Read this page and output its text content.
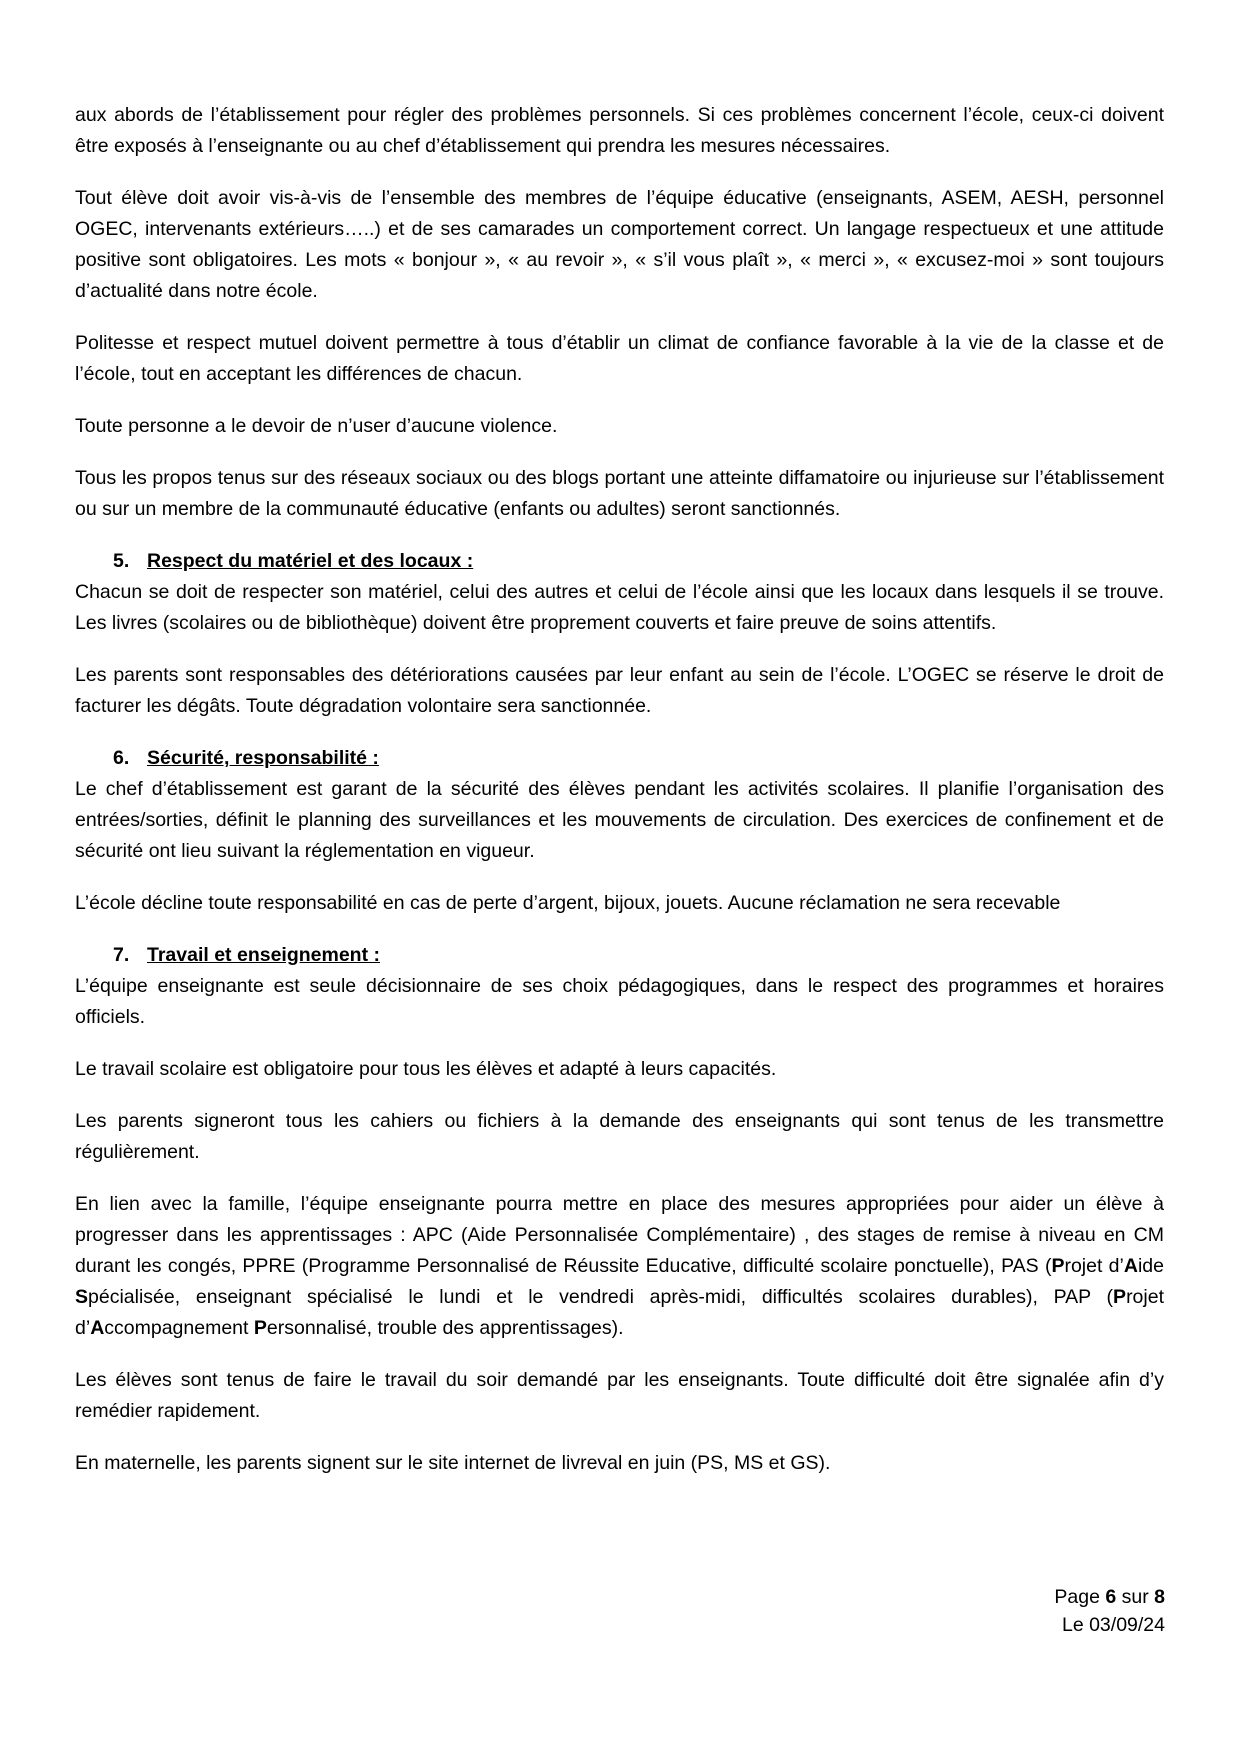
aux abords de l’établissement pour régler des problèmes personnels. Si ces problèmes concernent l’école, ceux-ci doivent être exposés à l’enseignante ou au chef d’établissement qui prendra les mesures nécessaires.

Tout élève doit avoir vis-à-vis de l’ensemble des membres de l’équipe éducative (enseignants, ASEM, AESH, personnel OGEC, intervenants extérieurs…..) et de ses camarades un comportement correct. Un langage respectueux et une attitude positive sont obligatoires. Les mots « bonjour », « au revoir », « s’il vous plaît », « merci », « excusez-moi » sont toujours d’actualité dans notre école.

Politesse et respect mutuel doivent permettre à tous d’établir un climat de confiance favorable à la vie de la classe et de l’école, tout en acceptant les différences de chacun.

Toute personne a le devoir de n’user d’aucune violence.

Tous les propos tenus sur des réseaux sociaux ou des blogs portant une atteinte diffamatoire ou injurieuse sur l’établissement ou sur un membre de la communauté éducative (enfants ou adultes) seront sanctionnés.

5. Respect du matériel et des locaux :

Chacun se doit de respecter son matériel, celui des autres et celui de l’école ainsi que les locaux dans lesquels il se trouve. Les livres (scolaires ou de bibliothèque) doivent être proprement couverts et faire preuve de soins attentifs.

Les parents sont responsables des détériorations causées par leur enfant au sein de l’école. L’OGEC se réserve le droit de facturer les dégâts. Toute dégradation volontaire sera sanctionnée.

6. Sécurité, responsabilité :

Le chef d’établissement est garant de la sécurité des élèves pendant les activités scolaires. Il planifie l’organisation des entrées/sorties, définit le planning des surveillances et les mouvements de circulation. Des exercices de confinement et de sécurité ont lieu suivant la réglementation en vigueur.

L’école décline toute responsabilité en cas de perte d’argent, bijoux, jouets. Aucune réclamation ne sera recevable

7. Travail et enseignement :

L’équipe enseignante est seule décisionnaire de ses choix pédagogiques, dans le respect des programmes et horaires officiels.

Le travail scolaire est obligatoire pour tous les élèves et adapté à leurs capacités.

Les parents signeront tous les cahiers ou fichiers à la demande des enseignants qui sont tenus de les transmettre régulièrement.

En lien avec la famille, l’équipe enseignante pourra mettre en place des mesures appropriées pour aider un élève à progresser dans les apprentissages : APC (Aide Personnalisée Complémentaire) , des stages de remise à niveau en CM durant les congés, PPRE (Programme Personnalisé de Réussite Educative, difficulté scolaire ponctuelle), PAS (Projet d’Aide Spécialisée, enseignant spécialisé le lundi et le vendredi après-midi, difficultés scolaires durables), PAP (Projet d’Accompagnement Personnalisé, trouble des apprentissages).

Les élèves sont tenus de faire le travail du soir demandé par les enseignants. Toute difficulté doit être signalée afin d’y remédier rapidement.

En maternelle, les parents signent sur le site internet de livreval en juin (PS, MS et GS).

Page 6 sur 8
Le 03/09/24
